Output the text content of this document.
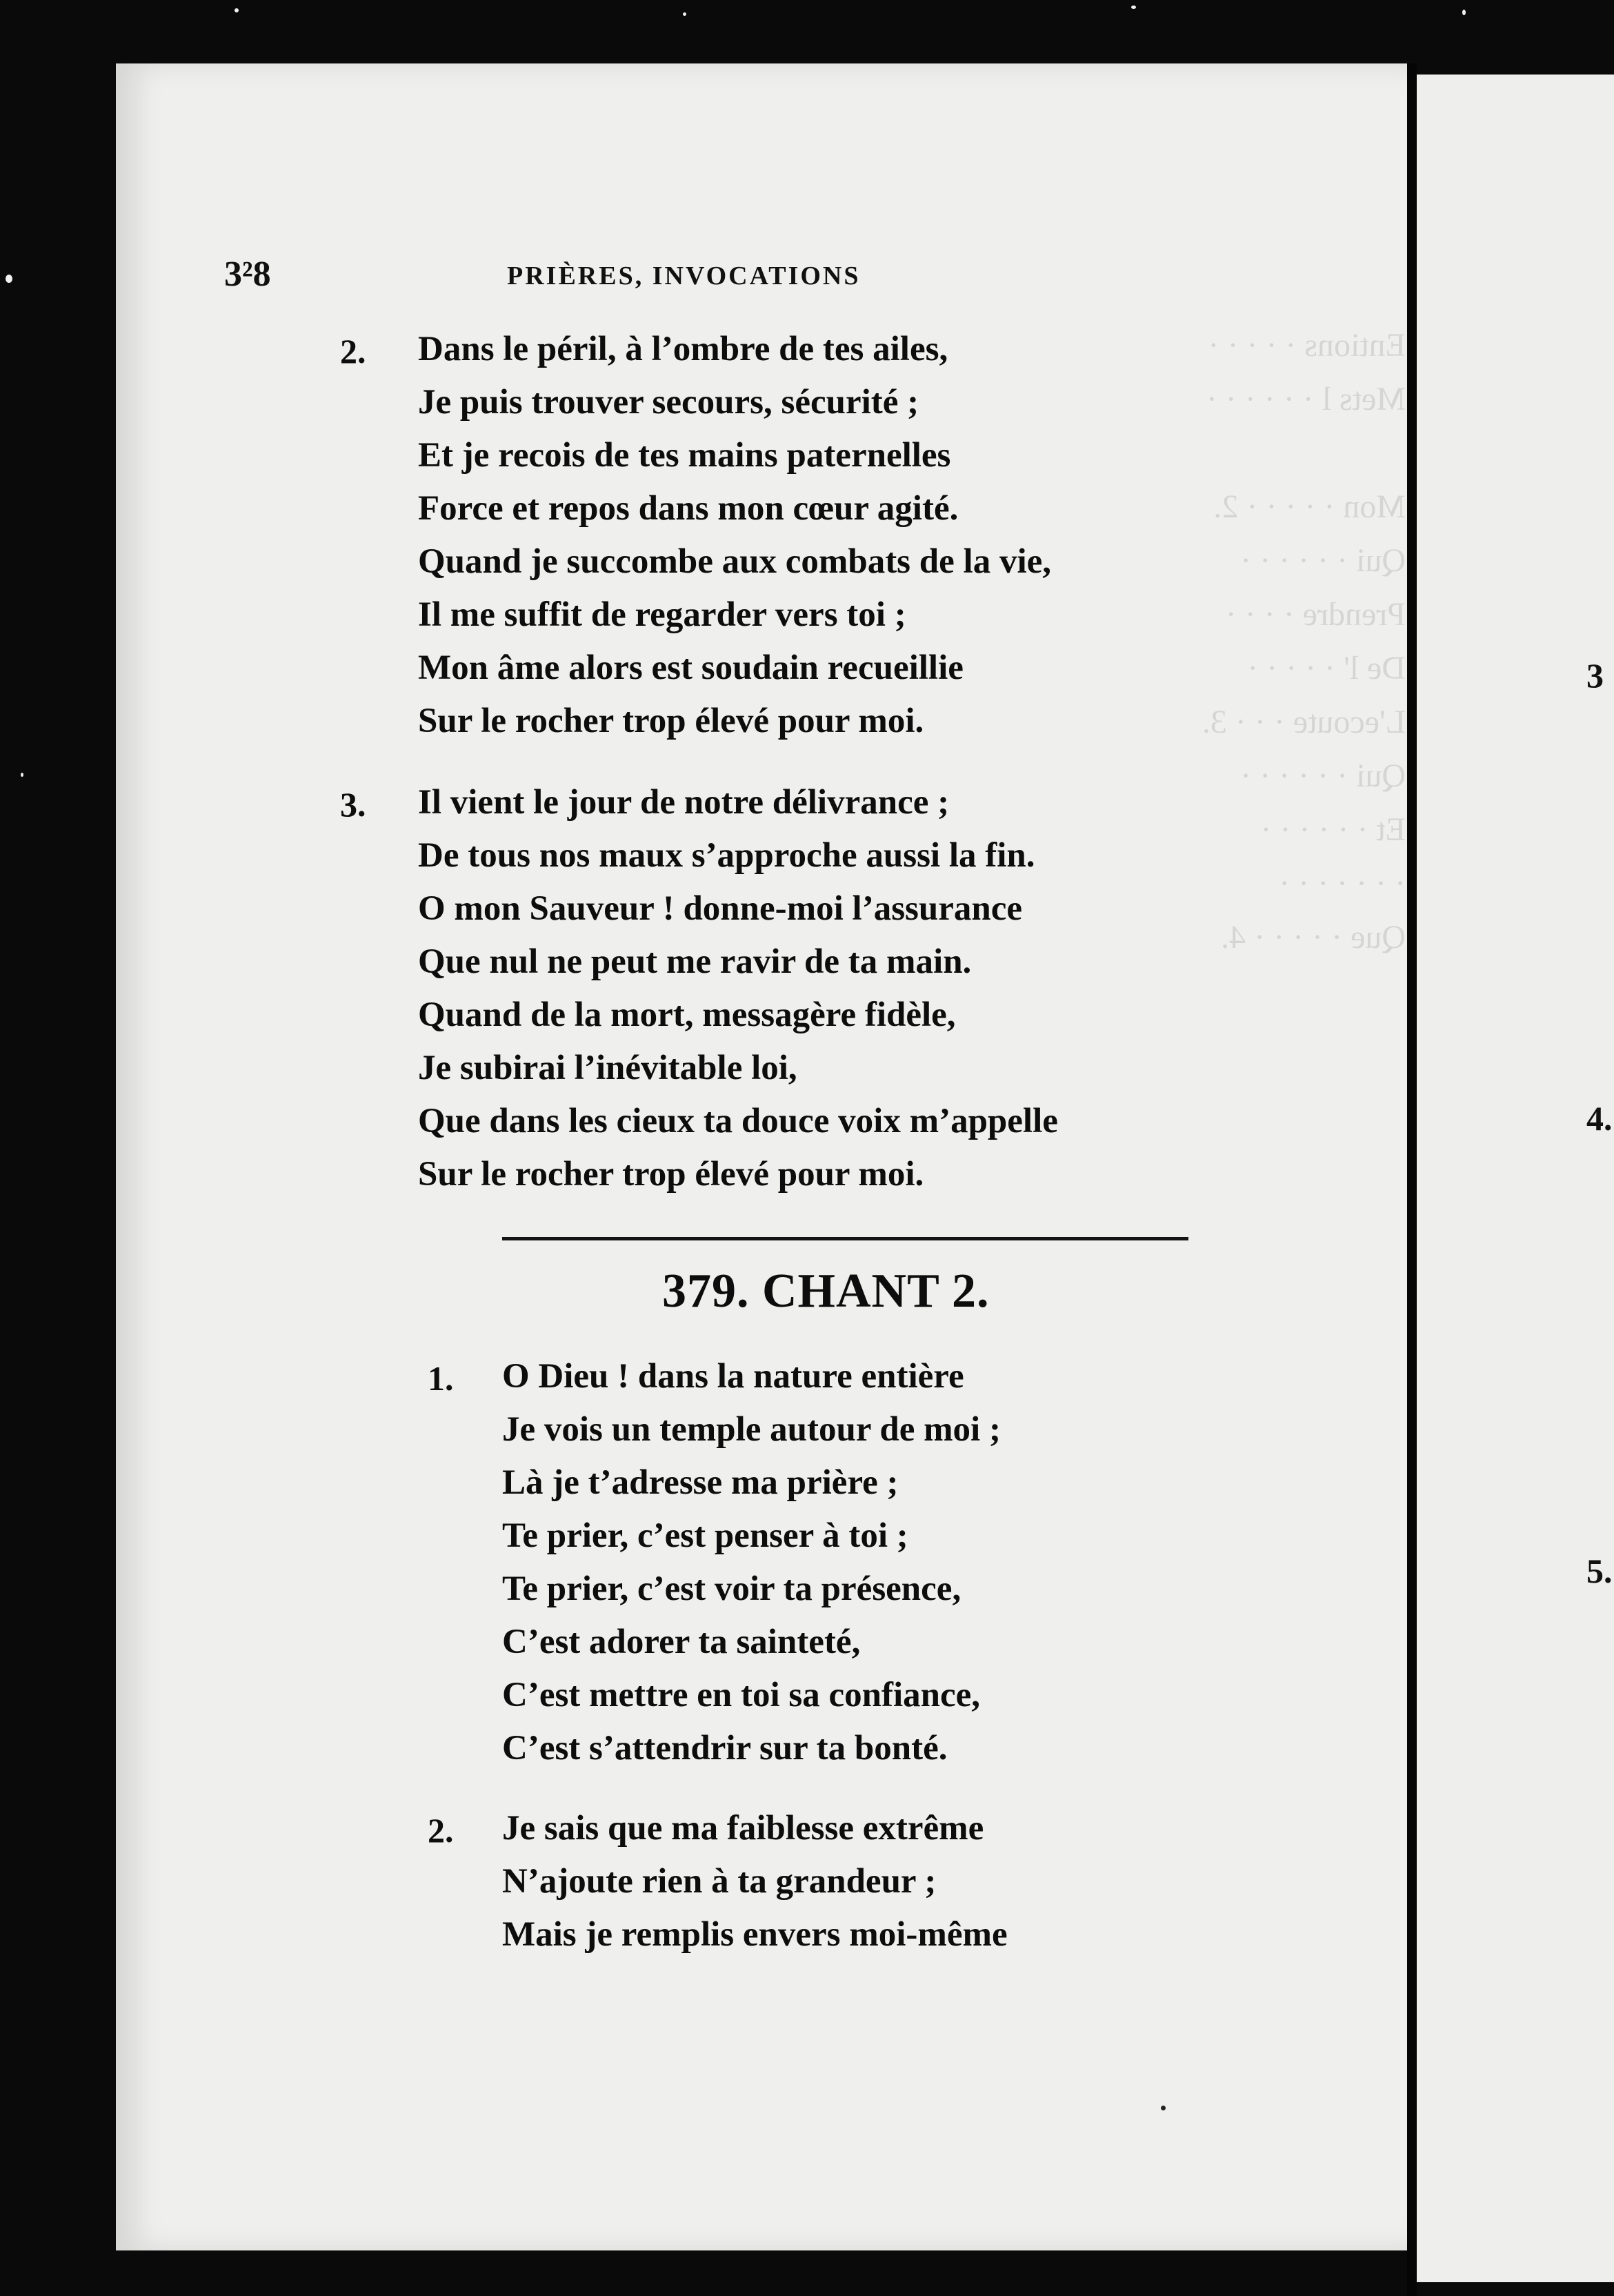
Entions · · · · ·
Mets l · · · · · ·

Mon · · · · · 2.
Qui · · · · · ·
Prendre · · · ·
De l' · · · · ·
L'ecoute · · · 3.
Qui · · · · · ·
Et · · · · · ·
· · · · · · ·
Que · · · · · 4.
3²8	PRIÈRES, INVOCATIONS
2. Dans le péril, à l’ombre de tes ailes,
Je puis trouver secours, sécurité ;
Et je recois de tes mains paternelles
Force et repos dans mon cœur agité.
Quand je succombe aux combats de la vie,
Il me suffit de regarder vers toi ;
Mon âme alors est soudain recueillie
Sur le rocher trop élevé pour moi.
3. Il vient le jour de notre délivrance ;
De tous nos maux s’approche aussi la fin.
O mon Sauveur ! donne-moi l’assurance
Que nul ne peut me ravir de ta main.
Quand de la mort, messagère fidèle,
Je subirai l’inévitable loi,
Que dans les cieux ta douce voix m’appelle
Sur le rocher trop élevé pour moi.
379. CHANT 2.
1. O Dieu ! dans la nature entière
Je vois un temple autour de moi ;
Là je t’adresse ma prière ;
Te prier, c’est penser à toi ;
Te prier, c’est voir ta présence,
C’est adorer ta sainteté,
C’est mettre en toi sa confiance,
C’est s’attendrir sur ta bonté.
2. Je sais que ma faiblesse extrême
N’ajoute rien à ta grandeur ;
Mais je remplis envers moi-même
3
4.
5.
